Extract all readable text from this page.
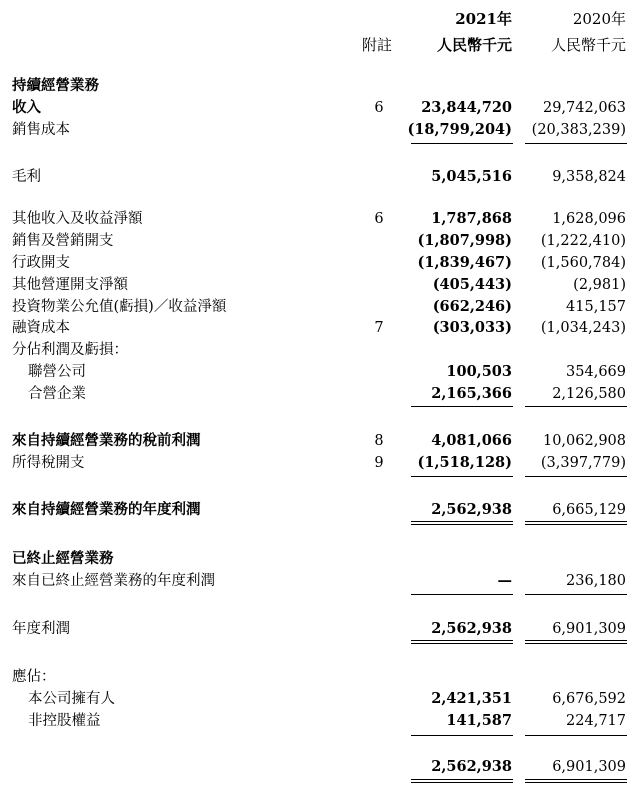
2021年	2020年
附註	人民幣千元	人民幣千元
持續經營業務
收入	6	23,844,720 29,742,063
銷售成本	(18,799,204) (20,383,239)
毛利	5,045,516	9,358,824
其他收入及收益淨額	6	1,787,868	1,628,096
銷售及營銷開支	(1,807,998) (1,222,410)
行政開支	(1,839,467) (1,560,784)
其他營運開支淨額	(405,443)	(2,981)
投資物業公允值(虧損)／收益淨額	(662,246)	415,157
融資成本	7	(303,033) (1,034,243)
分佔利潤及虧損：
聯營公司	100,503	354,669
合營企業	2,165,366	2,126,580
來自持續經營業務的稅前利潤	8	4,081,066 10,062,908
所得稅開支	9 (1,518,128) (3,397,779)
來自持續經營業務的年度利潤	2,562,938	6,665,129
已終止經營業務
來自已終止經營業務的年度利潤	—	236,180
年度利潤	2,562,938	6,901,309
應佔：
本公司擁有人	2,421,351	6,676,592
非控股權益	141,587	224,717
2,562,938	6,901,309
